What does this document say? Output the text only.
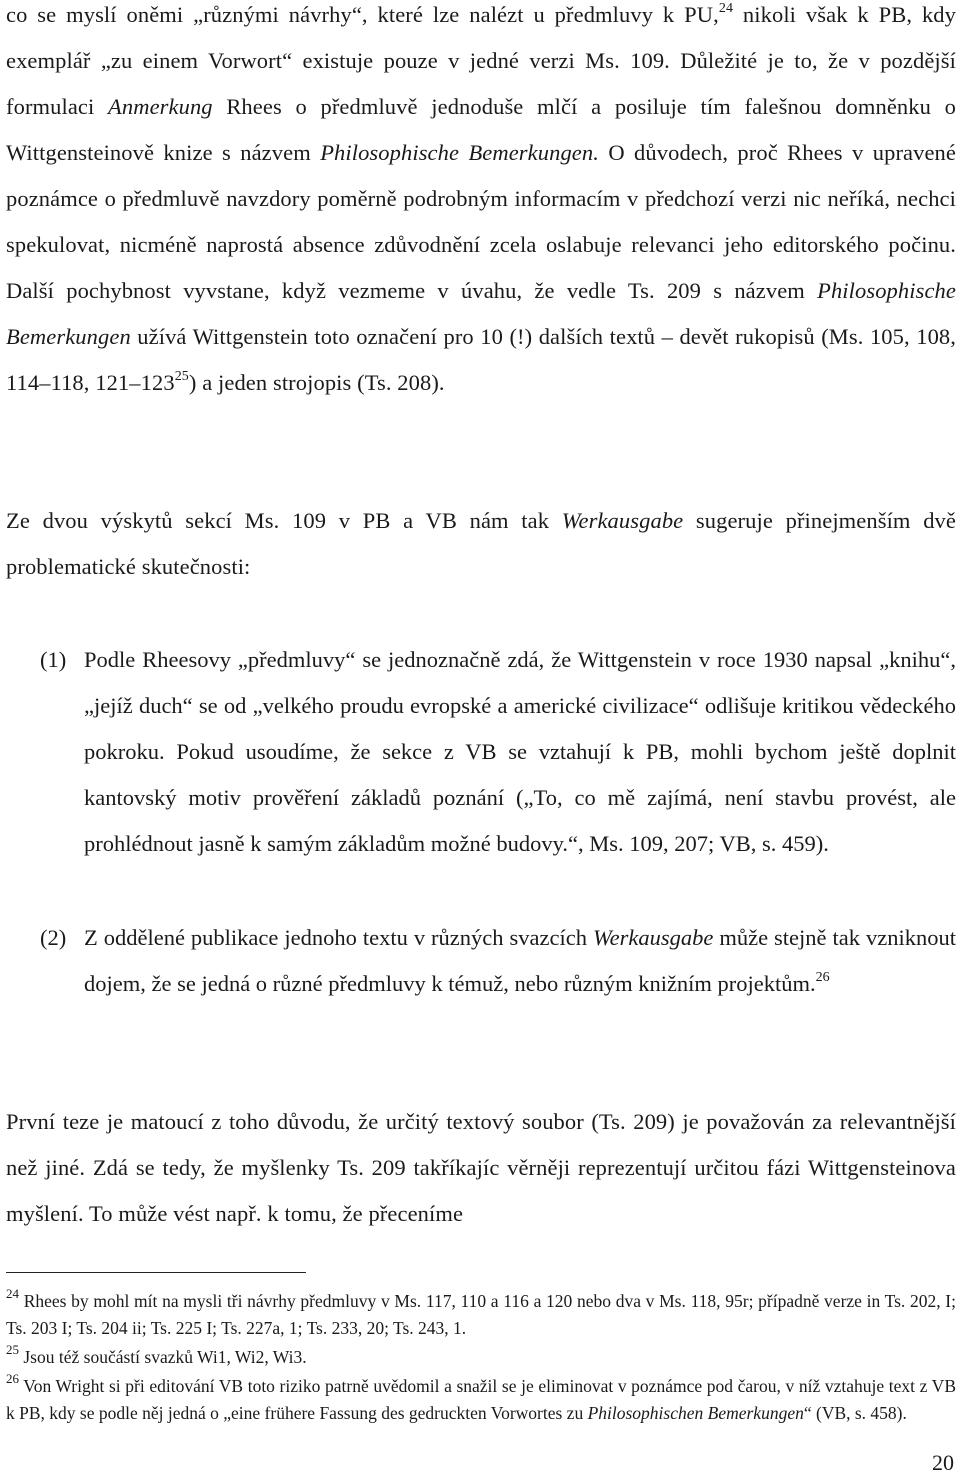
co se myslí oněmi „různými návrhy“, které lze nalézt u předmluvy k PU,$^{24}$ nikoli však k PB, kdy exemplář „zu einem Vorwort“ existuje pouze v jedné verzi Ms. 109. Důležité je to, že v pozdější formulaci Anmerkung Rhees o předmluvě jednoduše mlčí a posiluje tím falešnou domněnku o Wittgensteinově knize s názvem Philosophische Bemerkungen. O důvodech, proč Rhees v upravené poznámce o předmluvě navzdory poměrně podrobným informacím v předchozí verzi nic neříká, nechci spekulovat, nicméně naprostá absence zdůvodnění zcela oslabuje relevanci jeho editorského počinu. Další pochybnost vyvstane, když vezmeme v úvahu, že vedle Ts. 209 s názvem Philosophische Bemerkungen užívá Wittgenstein toto označení pro 10 (!) dalších textů – devět rukopisů (Ms. 105, 108, 114–118, $121-123^{25}$) a jeden strojopis (Ts. 208).

Ze dvou výskytů sekcí Ms. 109 v PB a VB nám tak Werkausgabe sugeruje přinejmenším dvě problematické skutečnosti:

(1) Podle Rheesovy „předmluvy“ se jednoznačně zdá, že Wittgenstein v roce 1930 napsal „knihu“, „jejíž duch“ se od „velkého proudu evropské a americké civilizace“ odlišuje kritikou vědeckého pokroku. Pokud usoudíme, že sekce z VB se vztahují k PB, mohli bychom ještě doplnit kantovský motiv prověření základů poznání („To, co mě zajímá, není stavbu provést, ale prohlédnout jasně k samým základům možné budovy.“, Ms. 109, 207; VB, s. 459).
(2) Z oddělené publikace jednoho textu v různých svazcích Werkausgabe může stejně tak vzniknout dojem, že se jedná o různé předmluvy k témuž, nebo různým knižním projektům.$^{26}$

První teze je matoucí z toho důvodu, že určitý textový soubor (Ts. 209) je považován za relevantnější než jiné. Zdá se tedy, že myšlenky Ts. 209 takříkajíc věrněji reprezentují určitou fázi Wittgensteinova myšlení. To může vést např. k tomu, že přeceníme

$^{24}$ Rhees by mohl mít na mysli tři návrhy předmluvy v Ms. 117, 110 a 116 a 120 nebo dva v Ms. 118, 95r; případně verze in Ts. 202, I; Ts. 203 I; Ts. 204 ii; Ts. 225 I; Ts. 227a, 1; Ts. 233, 20; Ts. 243, 1.

$^{25}$ Jsou též součástí svazků Wi1, Wi2, Wi3.

$^{26}$ Von Wright si při editování VB toto riziko patrně uvědomil a snažil se je eliminovat v poznámce pod čarou, v níž vztahuje text z VB k PB, kdy se podle něj jedná o „eine frühere Fassung des gedruckten Vorwortes zu Philosophischen Bemerkungen“ (VB, s. 458).

20
